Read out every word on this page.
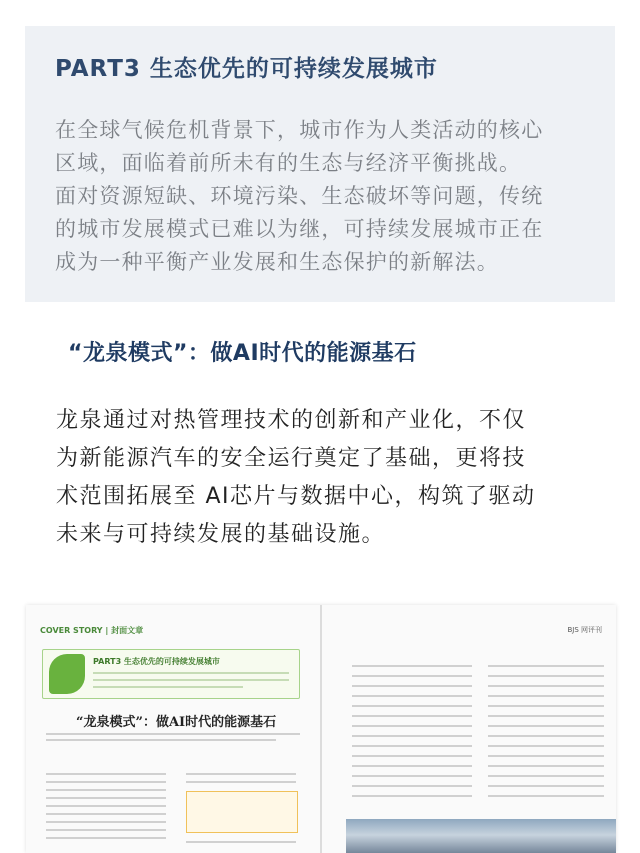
PART3 生态优先的可持续发展城市
在全球气候危机背景下，城市作为人类活动的核心
区域，面临着前所未有的生态与经济平衡挑战。
面对资源短缺、环境污染、生态破坏等问题，传统
的城市发展模式已难以为继，可持续发展城市正在
成为一种平衡产业发展和生态保护的新解法。
“龙泉模式”：做AI时代的能源基石
龙泉通过对热管理技术的创新和产业化，不仅
为新能源汽车的安全运行奠定了基础，更将技
术范围拓展至 AI芯片与数据中心，构筑了驱动
未来与可持续发展的基础设施。
COVER STORY | 封面文章	BJS 网评刊
PART3 生态优先的可持续发展城市
“龙泉模式”：做AI时代的能源基石
